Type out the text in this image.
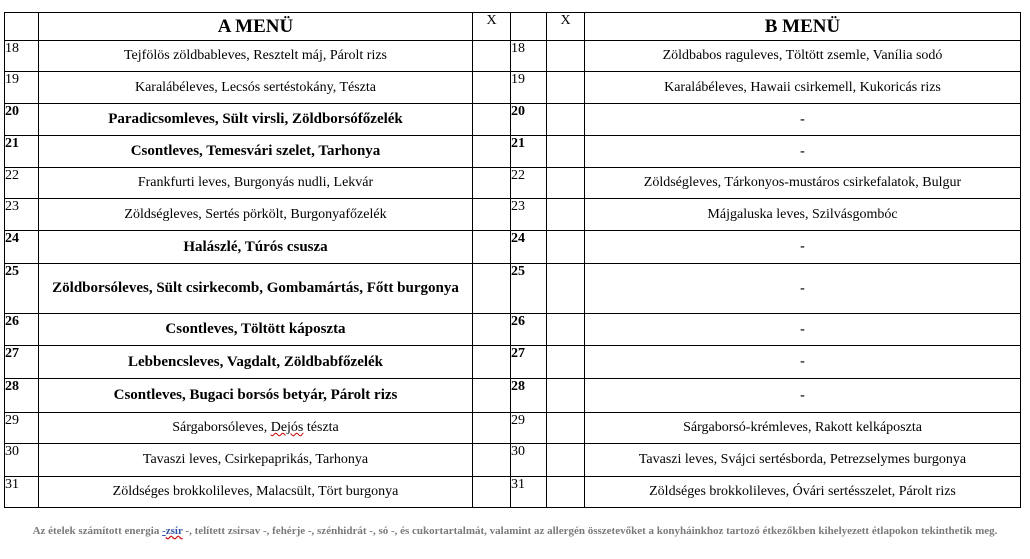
	A MENÜ	X		X	B MENÜ
18	Tejfölös zöldbableves, Resztelt máj, Párolt rizs		18		Zöldbabos raguleves, Töltött zsemle, Vanília sodó
19	Karalábéleves, Lecsós sertéstokány, Tészta		19		Karalábéleves, Hawaii csirkemell, Kukoricás rizs
20	Paradicsomleves, Sült virsli, Zöldborsófőzelék		20		-
21	Csontleves, Temesvári szelet, Tarhonya		21		-
22	Frankfurti leves, Burgonyás nudli, Lekvár		22		Zöldségleves, Tárkonyos-mustáros csirkefalatok, Bulgur
23	Zöldségleves, Sertés pörkölt, Burgonyafőzelék		23		Májgaluska leves, Szilvásgombóc
24	Halászlé, Túrós csusza		24		-
25	Zöldborsóleves, Sült csirkecomb, Gombamártás, Főtt burgonya		25		-
26	Csontleves, Töltött káposzta		26		-
27	Lebbencsleves, Vagdalt, Zöldbabfőzelék		27		-
28	Csontleves, Bugaci borsós betyár, Párolt rizs		28		-
29	Sárgaborsóleves, Dejós tészta		29		Sárgaborsó-krémleves, Rakott kelkáposzta
30	Tavaszi leves, Csirkepaprikás, Tarhonya		30		Tavaszi leves, Svájci sertésborda, Petrezselymes burgonya
31	Zöldséges brokkolileves, Malacsült, Tört burgonya		31		Zöldséges brokkolileves, Óvári sertésszelet, Párolt rizs
Az ételek számított energia -zsír -, telített zsírsav -, fehérje -, szénhidrát -, só -, és cukortartalmát, valamint az allergén összetevőket a konyháinkhoz tartozó étkezőkben kihelyezett étlapokon tekinthetik meg.
